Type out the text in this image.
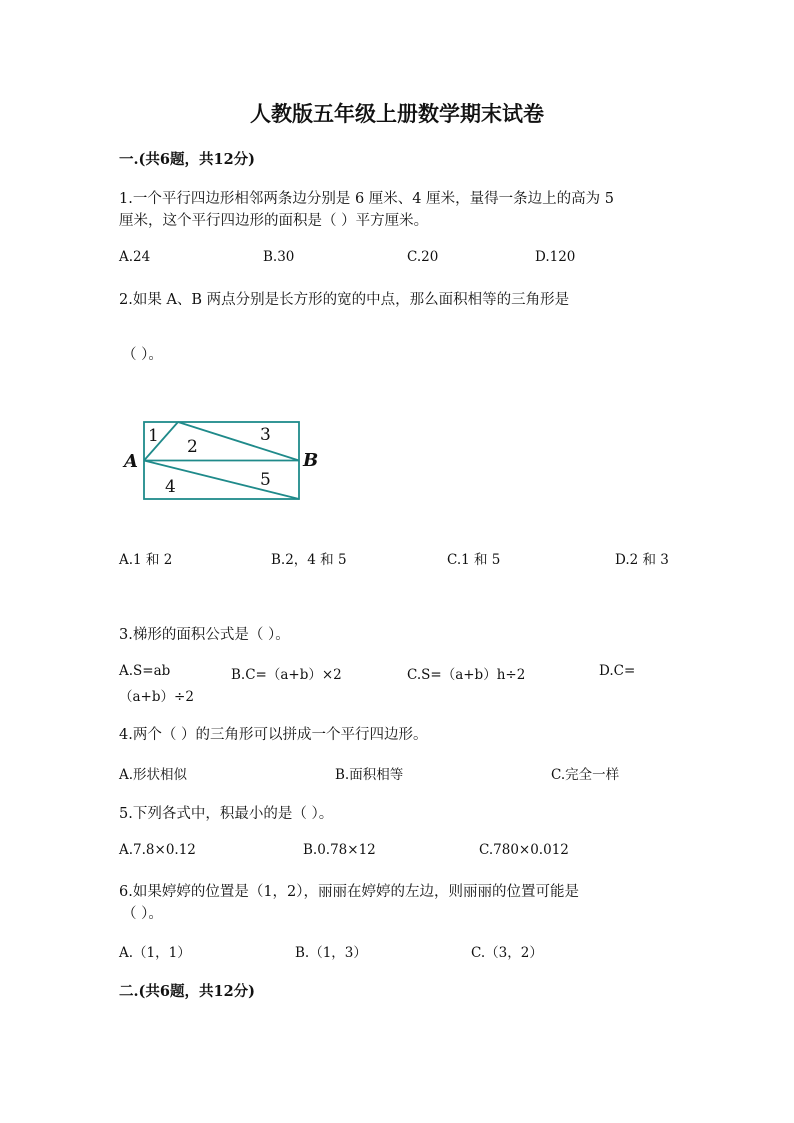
人教版五年级上册数学期末试卷
一.(共6题，共12分)
1.一个平行四边形相邻两条边分别是 6 厘米、4 厘米，量得一条边上的高为 5
厘米，这个平行四边形的面积是（ ）平方厘米。
A.24	B.30	C.20	D.120
2.如果 A、B 两点分别是长方形的宽的中点，那么面积相等的三角形是
（ ）。
1
2
3
4	5
A	B
A.1 和 2	B.2，4 和 5	C.1 和 5	D.2 和 3
3.梯形的面积公式是（ ）。
A.S=ab	B.C=（a+b）×2	C.S=（a+b）h÷2	D.C=
（a+b）÷2
4.两个（ ）的三角形可以拼成一个平行四边形。
A.形状相似	B.面积相等	C.完全一样
5.下列各式中，积最小的是（ ）。
A.7.8×0.12	B.0.78×12	C.780×0.012
6.如果婷婷的位置是（1，2），丽丽在婷婷的左边，则丽丽的位置可能是
（ ）。
A.（1，1）	B.（1，3）	C.（3，2）
二.(共6题，共12分)
